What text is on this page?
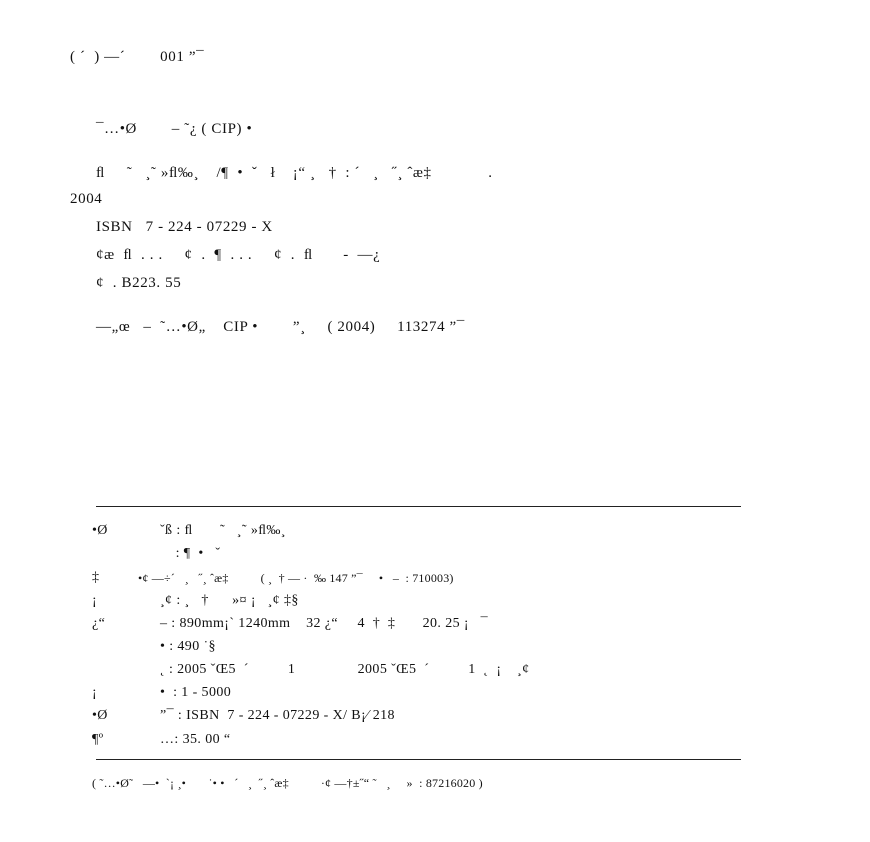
( ´  ) —´        001 ”¯
¯…•Ø        – ˜¿ ( CIP) •
ﬂ     ˜   ¸˜ »ﬂ‰¸    /¶  •  ˇ   ł    ¡“ ¸   †  : ´   ¸   ˝¸ ˆæ‡             .
2004
ISBN   7 - 224 - 07229 - X
¢æ  ﬂ  . . .     ¢  .  ¶  . . .     ¢  .  ﬂ       -  —¿
¢  . B223. 55
—„œ   –  ˜…•Ø„    CIP •        ”¸     ( 2004)     113274 ”¯
•Ø	ˇß : ﬂ       ˜   ¸˜ »ﬂ‰¸
: ¶  •   ˇ
‡	•¢ —÷´   ¸   ˝¸ ˆæ‡          ( ¸  † — ·  ‰ 147 ”¯     •   –  : 710003)
¡	¸¢ : ¸   †      »¤ ¡   ¸¢ ‡§
¿“	– : 890mm¡` 1240mm    32 ¿“     4  †  ‡       20. 25 ¡   ¯
• : 490 ˙§
˛ : 2005 ˇŒ5  ´          1                2005 ˇŒ5  ´          1  ˛  ¡    ¸¢
¡	•  : 1 - 5000
•Ø	”¯ : ISBN  7 - 224 - 07229 - X/ B¡⁄ 218
¶º	…: 35. 00 “
( ˜…•Ø˜   —•  `¡ ¸•       ˙• •   ´   ¸  ˝¸ ˆæ‡          ·¢ —†±˝“ ˜   ¸     »  : 87216020 )
